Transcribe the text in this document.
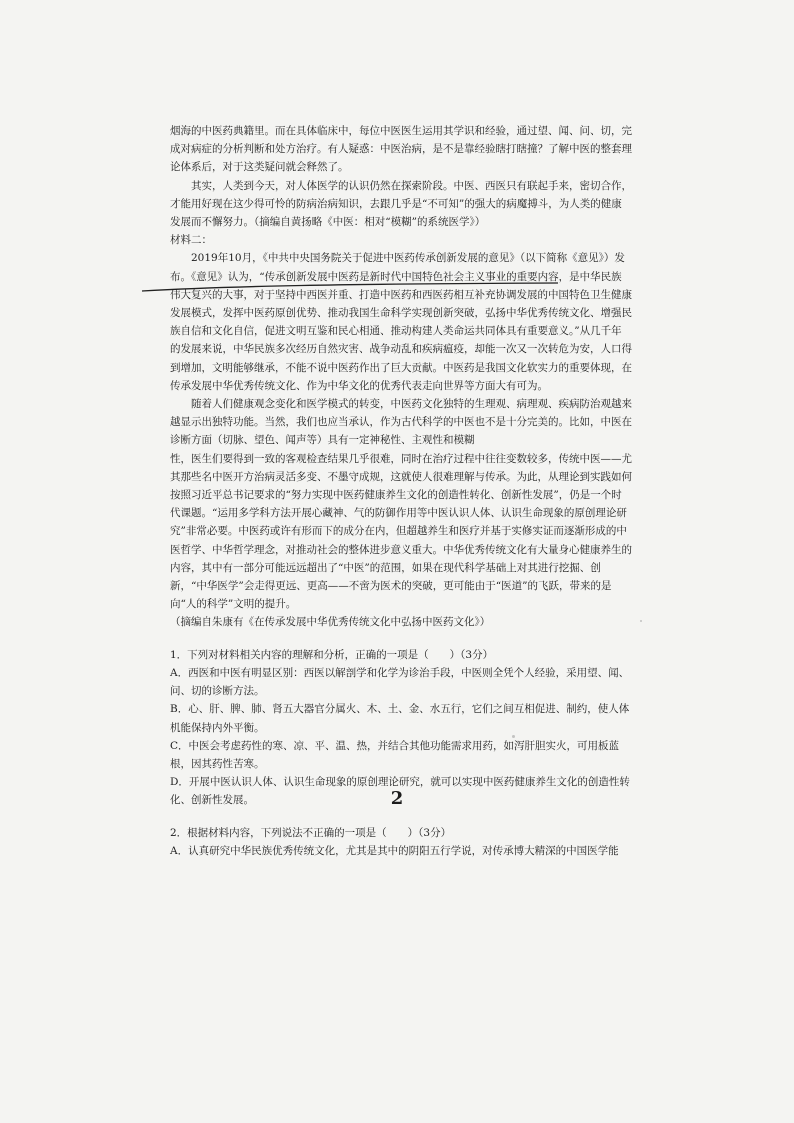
烟海的中医药典籍里。而在具体临床中，每位中医医生运用其学识和经验，通过望、闻、问、切，完成对病症的分析判断和处方治疗。有人疑惑：中医治病，是不是靠经验瞎打瞎撞？了解中医的整套理论体系后，对于这类疑问就会释然了。

其实，人类到今天，对人体医学的认识仍然在探索阶段。中医、西医只有联起手来，密切合作，才能用好现在这少得可怜的防病治病知识，去跟几乎是“不可知”的强大的病魔搏斗，为人类的健康发展而不懈努力。（摘编自黄扬略《中医：相对“模糊”的系统医学》）

材料二：

2019年10月，《中共中央国务院关于促进中医药传承创新发展的意见》（以下简称《意见》）发布。《意见》认为，“传承创新发展中医药是新时代中国特色社会主义事业的重要内容，是中华民族伟大复兴的大事，对于坚持中西医并重、打造中医药和西医药相互补充协调发展的中国特色卫生健康发展模式，发挥中医药原创优势、推动我国生命科学实现创新突破，弘扬中华优秀传统文化、增强民族自信和文化自信，促进文明互鉴和民心相通、推动构建人类命运共同体具有重要意义。”从几千年的发展来说，中华民族多次经历自然灾害、战争动乱和疾病瘟疫，却能一次又一次转危为安，人口得到增加，文明能够继承，不能不说中医药作出了巨大贡献。中医药是我国文化软实力的重要体现，在传承发展中华优秀传统文化、作为中华文化的优秀代表走向世界等方面大有可为。

随着人们健康观念变化和医学模式的转变，中医药文化独特的生理观、病理观、疾病防治观越来越显示出独特功能。当然，我们也应当承认，作为古代科学的中医也不是十分完美的。比如，中医在诊断方面（切脉、望色、闻声等）具有一定神秘性、主观性和模糊

性，医生们要得到一致的客观检查结果几乎很难，同时在治疗过程中往往变数较多，传统中医——尤其那些名中医开方治病灵活多变、不墨守成规，这就使人很难理解与传承。为此，从理论到实践如何按照习近平总书记要求的“努力实现中医药健康养生文化的创造性转化、创新性发展”，仍是一个时代课题。“运用多学科方法开展心藏神、气的防御作用等中医认识人体、认识生命现象的原创理论研究”非常必要。中医药或许有形而下的成分在内，但超越养生和医疗并基于实修实证而逐渐形成的中医哲学、中华哲学理念，对推动社会的整体进步意义重大。中华优秀传统文化有大量身心健康养生的内容，其中有一部分可能远远超出了“中医”的范围，如果在现代科学基础上对其进行挖掘、创新，“中华医学”会走得更远、更高——不啻为医术的突破，更可能由于“医道”的飞跃，带来的是向“人的科学”文明的提升。

（摘编自朱康有《在传承发展中华优秀传统文化中弘扬中医药文化》）

1．下列对材料相关内容的理解和分析，正确的一项是（　　）（3分）

A．西医和中医有明显区别：西医以解剖学和化学为诊治手段，中医则全凭个人经验，采用望、闻、问、切的诊断方法。

B．心、肝、脾、肺、肾五大器官分属火、木、土、金、水五行，它们之间互相促进、制约，使人体机能保持内外平衡。

C．中医会考虑药性的寒、凉、平、温、热，并结合其他功能需求用药，如泻肝胆实火，可用板蓝根，因其药性苦寒。

D．开展中医认识人体、认识生命现象的原创理论研究，就可以实现中医药健康养生文化的创造性转化、创新性发展。

2．根据材料内容，下列说法不正确的一项是（　　）（3分）

A．认真研究中华民族优秀传统文化，尤其是其中的阴阳五行学说，对传承博大精深的中国医学能

2
